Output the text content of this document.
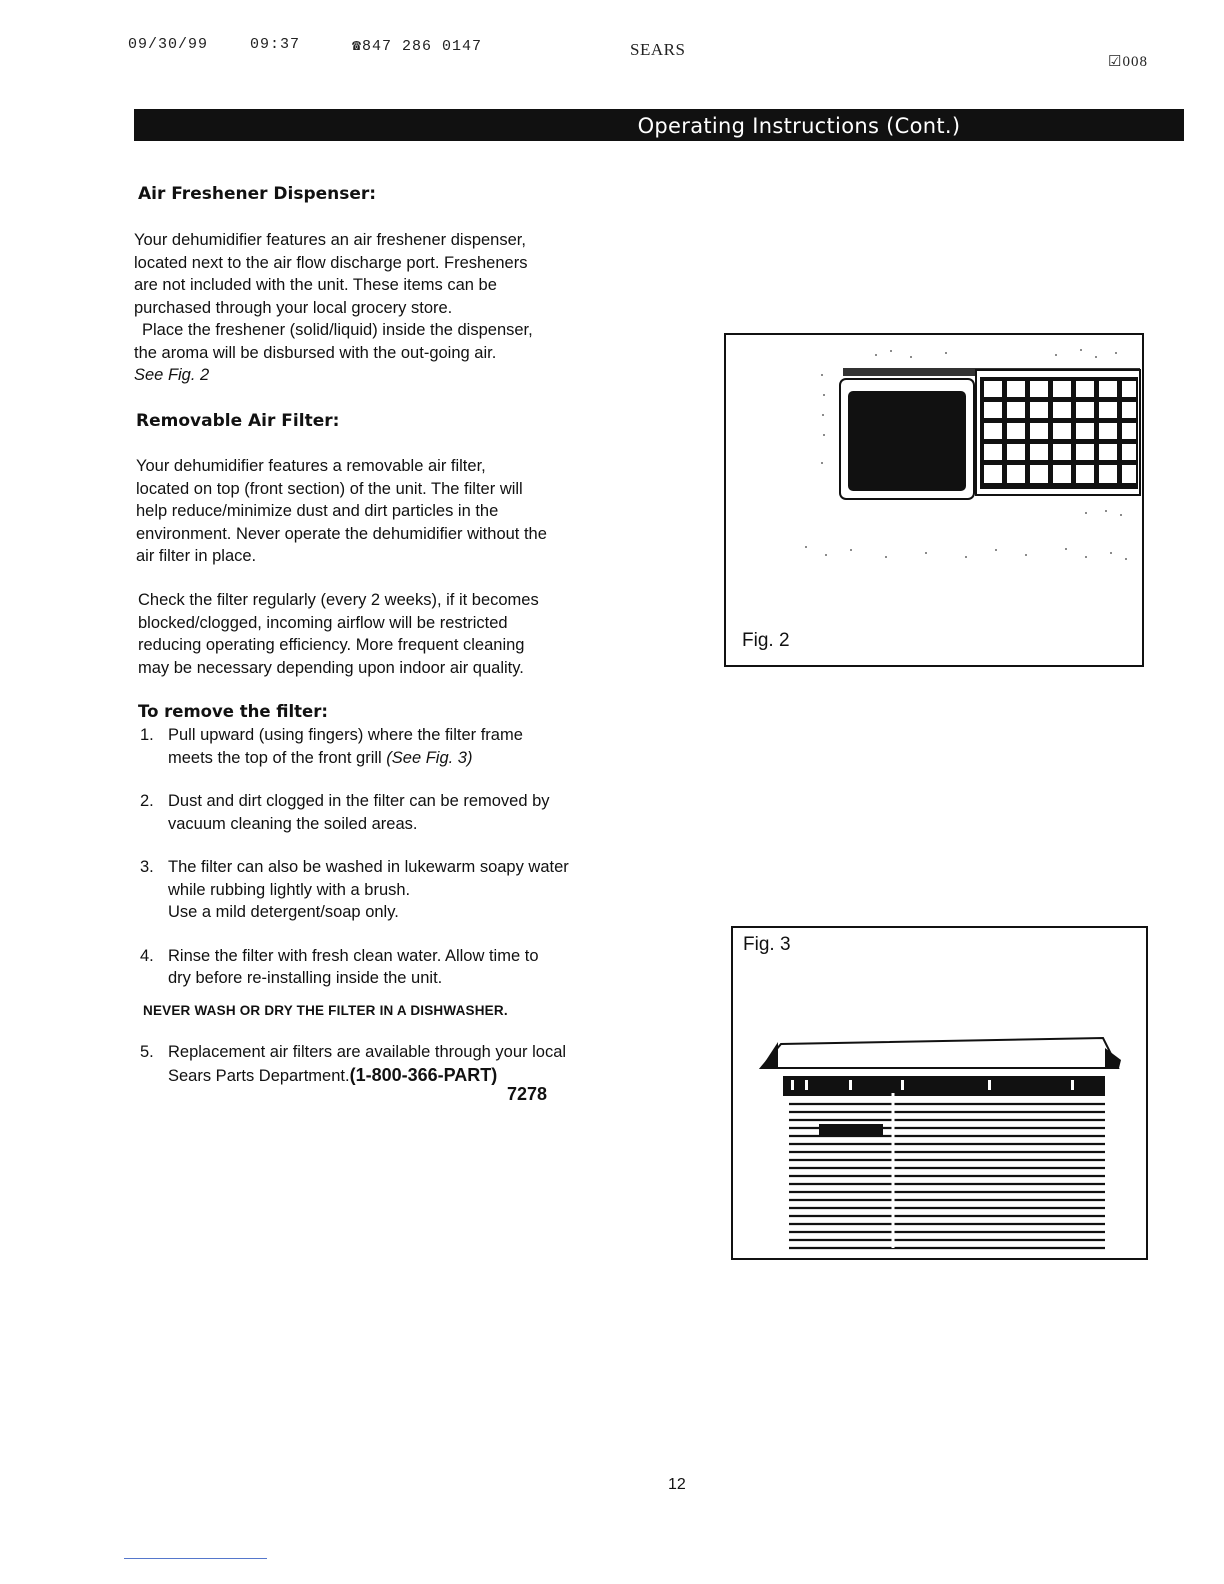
09/30/99	09:37	☎847 286 0147	SEARS
☑008
Operating Instructions (Cont.)
Air Freshener Dispenser:
Your dehumidifier features an air freshener dispenser,
located next to the air flow discharge port. Fresheners
are not included with the unit. These items can be
purchased through your local grocery store.
Place the freshener (solid/liquid) inside the dispenser,
the aroma will be disbursed with the out-going air.
See Fig. 2
Removable Air Filter:
Your dehumidifier features a removable air filter,
located on top (front section) of the unit. The filter will
help reduce/minimize dust and dirt particles in the
environment. Never operate the dehumidifier without the
air filter in place.
Check the filter regularly (every 2 weeks), if it becomes
blocked/clogged, incoming airflow will be restricted
reducing operating efficiency. More frequent cleaning
may be necessary depending upon indoor air quality.
To remove the filter:
1. Pull upward (using fingers) where the filter frame
meets the top of the front grill (See Fig. 3)
2. Dust and dirt clogged in the filter can be removed by
vacuum cleaning the soiled areas.
3. The filter can also be washed in lukewarm soapy water
while rubbing lightly with a brush.
Use a mild detergent/soap only.
4. Rinse the filter with fresh clean water. Allow time to
dry before re-installing inside the unit.
NEVER WASH OR DRY THE FILTER IN A DISHWASHER.
5. Replacement air filters are available through your local
Sears Parts Department.(1-800-366-PART)
7278
Fig. 2
Fig. 3
12
